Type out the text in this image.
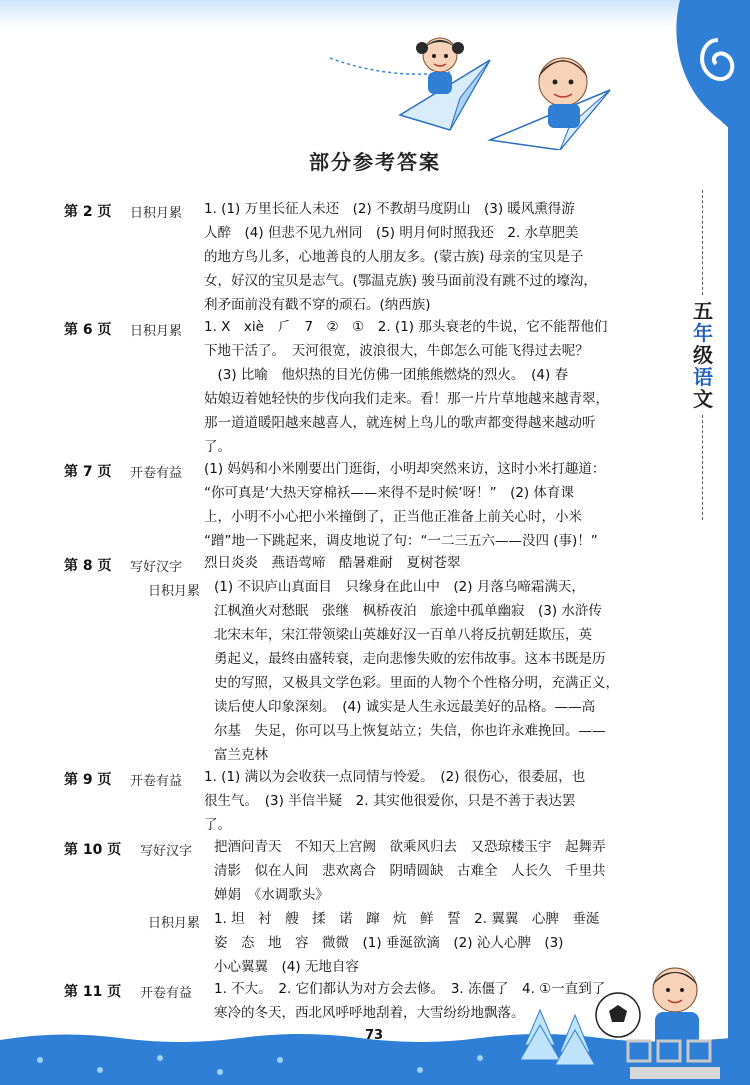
部分参考答案
五
年
级
语
文
第 2 页 日积月累 1. (1) 万里长征人未还　(2) 不教胡马度阴山　(3) 暖风熏得游
人醉　(4) 但悲不见九州同　(5) 明月何时照我还　2. 水草肥美
的地方鸟儿多，心地善良的人朋友多。(蒙古族) 母亲的宝贝是子
女，好汉的宝贝是志气。(鄂温克族) 骏马面前没有跳不过的壕沟，
利矛面前没有戳不穿的顽石。(纳西族)
第 6 页 日积月累 1. X　xiè　⺁　7　②　①　2. (1) 那头衰老的牛说，它不能帮他们
下地干活了。　天河很宽，波浪很大，牛郎怎么可能飞得过去呢？
　(3) 比喻　他炽热的目光仿佛一团熊熊燃烧的烈火。　(4) 春
姑娘迈着她轻快的步伐向我们走来。看！那一片片草地越来越青翠，
那一道道暖阳越来越喜人，就连树上鸟儿的歌声都变得越来越动听
了。
第 7 页 开卷有益 (1) 妈妈和小米刚要出门逛街，小明却突然来访，这时小米打趣道：
“你可真是‘大热天穿棉袄——来得不是时候’呀！”　(2) 体育课
上，小明不小心把小米撞倒了，正当他正准备上前关心时，小米
“蹭”地一下跳起来，调皮地说了句：“一二三五六——没四 (事)！”
第 8 页 写好汉字 烈日炎炎　燕语莺啼　酷暑难耐　夏树苍翠
日积月累 (1) 不识庐山真面目　只缘身在此山中　(2) 月落乌啼霜满天，
江枫渔火对愁眠　张继　枫桥夜泊　旅途中孤单幽寂　(3) 水浒传
北宋末年，宋江带领梁山英雄好汉一百单八将反抗朝廷欺压，英
勇起义，最终由盛转衰，走向悲惨失败的宏伟故事。这本书既是历
史的写照，又极具文学色彩。里面的人物个个性格分明，充满正义，
读后使人印象深刻。　(4) 诚实是人生永远最美好的品格。——高
尔基　失足，你可以马上恢复站立；失信，你也许永难挽回。——
富兰克林
第 9 页 开卷有益 1. (1) 满以为会收获一点同情与怜爱。　(2) 很伤心，很委屈，也
很生气。　(3) 半信半疑　2. 其实他很爱你，只是不善于表达罢
了。
第 10 页 写好汉字 把酒问青天　不知天上宫阙　欲乘风归去　又恐琼楼玉宇　起舞弄
清影　似在人间　悲欢离合　阴晴圆缺　古难全　人长久　千里共
婵娟　《水调歌头》
日积月累 1. 坦　衬　艘　揉　诺　蹿　炕　鲜　誓　2. 翼翼　心脾　垂涎
姿　态　地　容　微微　(1) 垂涎欲滴　(2) 沁人心脾　(3)
小心翼翼　(4) 无地自容
第 11 页 开卷有益 1. 不大。　2. 它们都认为对方会去修。　3. 冻僵了　4. ①一直到了
寒冷的冬天，西北风呼呼地刮着，大雪纷纷地飘落。
73
